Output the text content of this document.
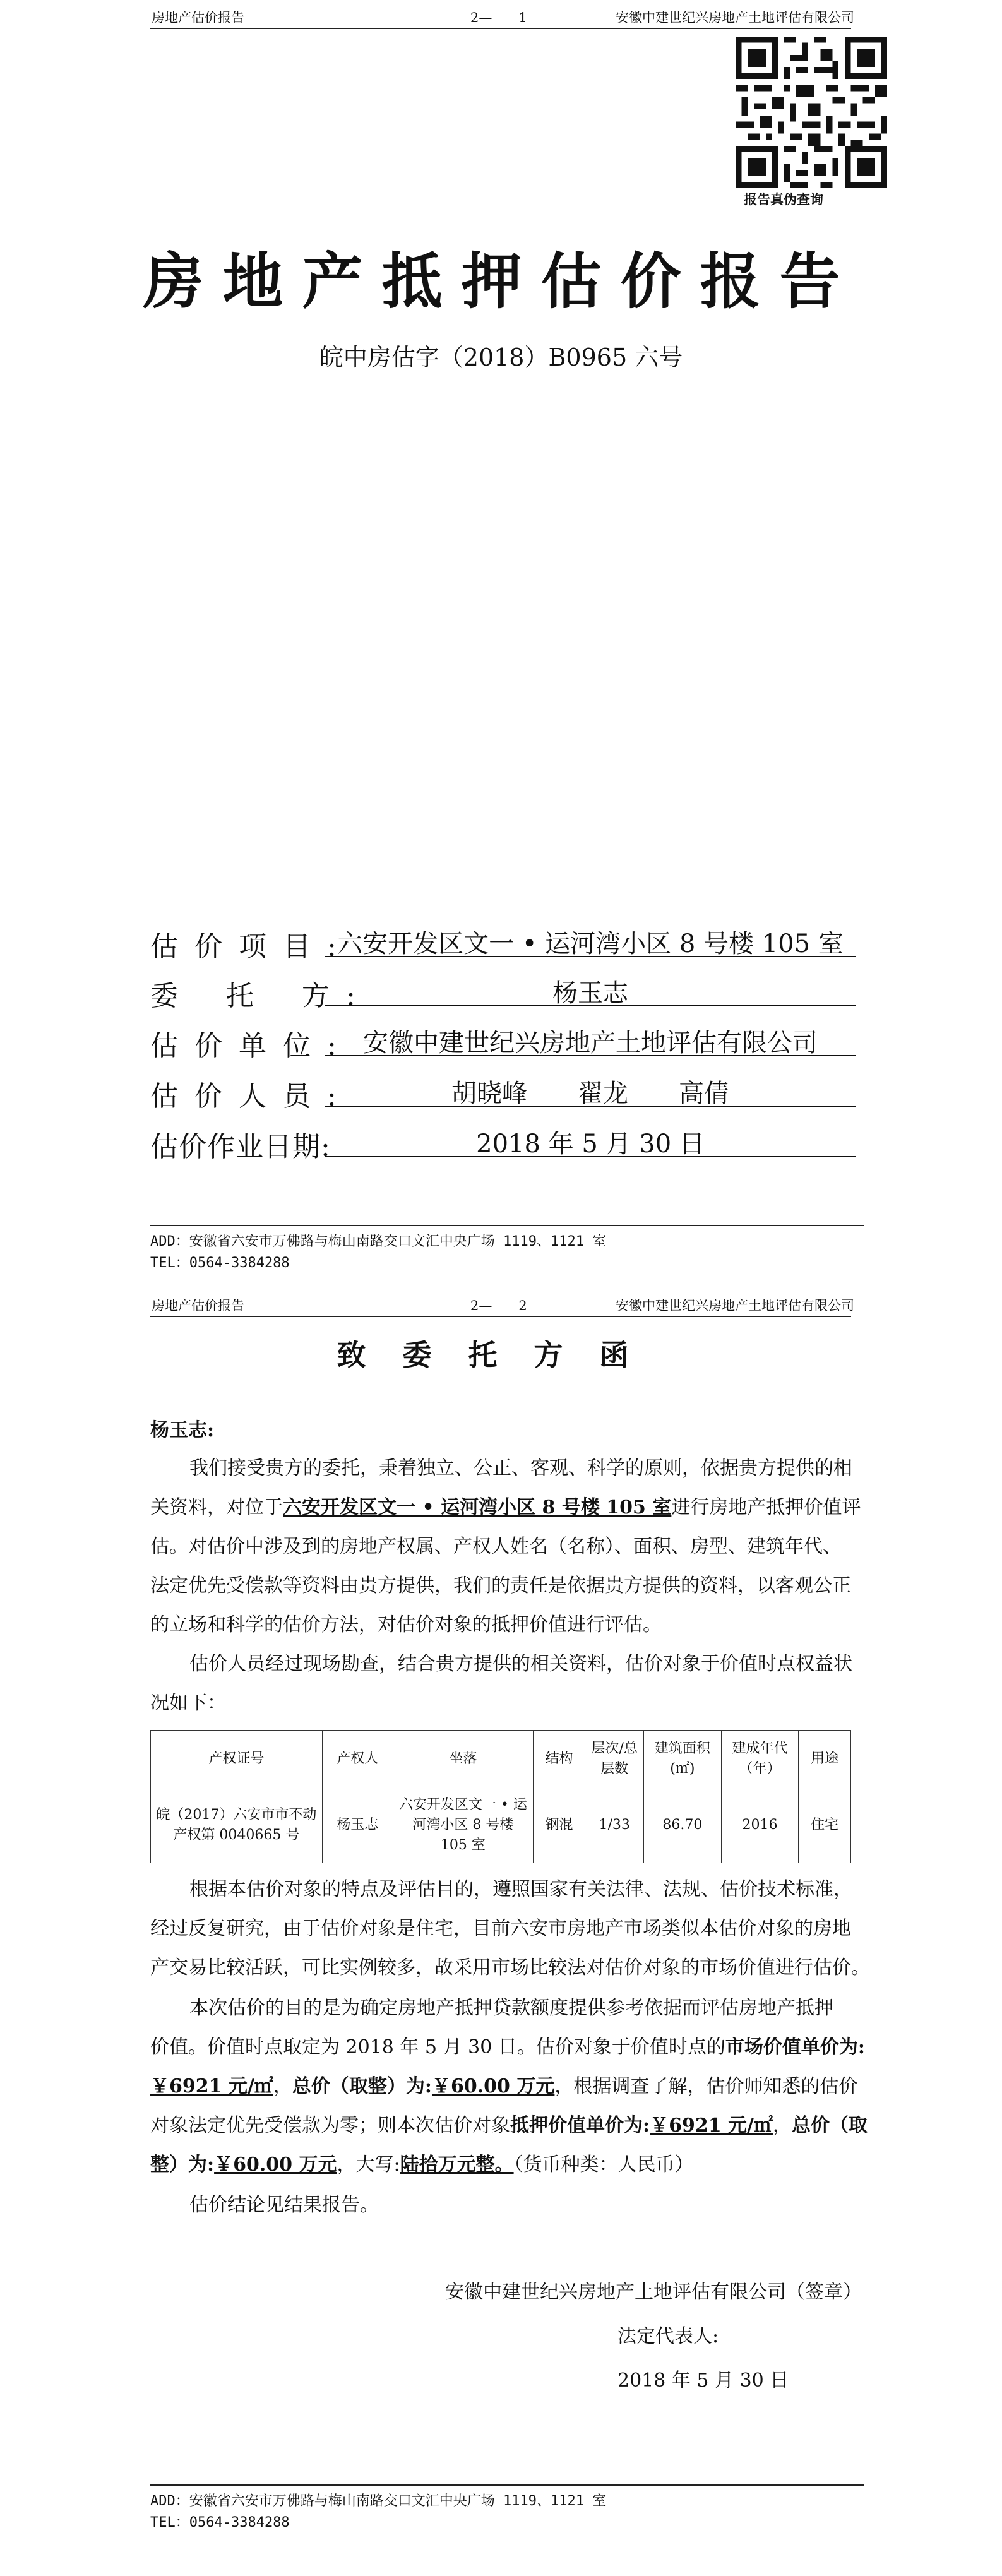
房地产估价报告	2—　　1	安徽中建世纪兴房地产土地评估有限公司
报告真伪查询
房地产抵押估价报告
皖中房估字（2018）B0965 六号
估 价 项 目 :
六安开发区文一 • 运河湾小区 8 号楼 105 室
委　 托　 方 :	杨玉志
估 价 单 位 : 安徽中建世纪兴房地产土地评估有限公司
估 价 人 员 :	胡晓峰　　翟龙　　高倩
估价作业日期:	2018 年 5 月 30 日
ADD：安徽省六安市万佛路与梅山南路交口文汇中央广场 1119、1121 室
TEL：0564-3384288
房地产估价报告	2—　　2	安徽中建世纪兴房地产土地评估有限公司
致委托方函
杨玉志:
我们接受贵方的委托，秉着独立、公正、客观、科学的原则，依据贵方提供的相
关资料，对位于六安开发区文一 • 运河湾小区 8 号楼 105 室进行房地产抵押价值评
估。对估价中涉及到的房地产权属、产权人姓名（名称）、面积、房型、建筑年代、
法定优先受偿款等资料由贵方提供，我们的责任是依据贵方提供的资料，以客观公正
的立场和科学的估价方法，对估价对象的抵押价值进行评估。
估价人员经过现场勘查，结合贵方提供的相关资料，估价对象于价值时点权益状
况如下：
产权证号	产权人	坐落	结构	层次/总层数	建筑面积(㎡)	建成年代（年）	用途
皖（2017）六安市市不动产权第 0040665 号	杨玉志	六安开发区文一 • 运河湾小区 8 号楼 105 室	钢混	1/33	86.70	2016	住宅
根据本估价对象的特点及评估目的，遵照国家有关法律、法规、估价技术标准，
经过反复研究，由于估价对象是住宅，目前六安市房地产市场类似本估价对象的房地
产交易比较活跃，可比实例较多，故采用市场比较法对估价对象的市场价值进行估价。
本次估价的目的是为确定房地产抵押贷款额度提供参考依据而评估房地产抵押
价值。价值时点取定为 2018 年 5 月 30 日。估价对象于价值时点的市场价值单价为:
￥6921 元/㎡，总价（取整）为:￥60.00 万元，根据调查了解，估价师知悉的估价
对象法定优先受偿款为零；则本次估价对象抵押价值单价为:￥6921 元/㎡，总价（取
整）为:￥60.00 万元，大写:陆拾万元整。（货币种类：人民币）
估价结论见结果报告。
安徽中建世纪兴房地产土地评估有限公司（签章）
法定代表人:
2018 年 5 月 30 日
ADD：安徽省六安市万佛路与梅山南路交口文汇中央广场 1119、1121 室
TEL：0564-3384288
